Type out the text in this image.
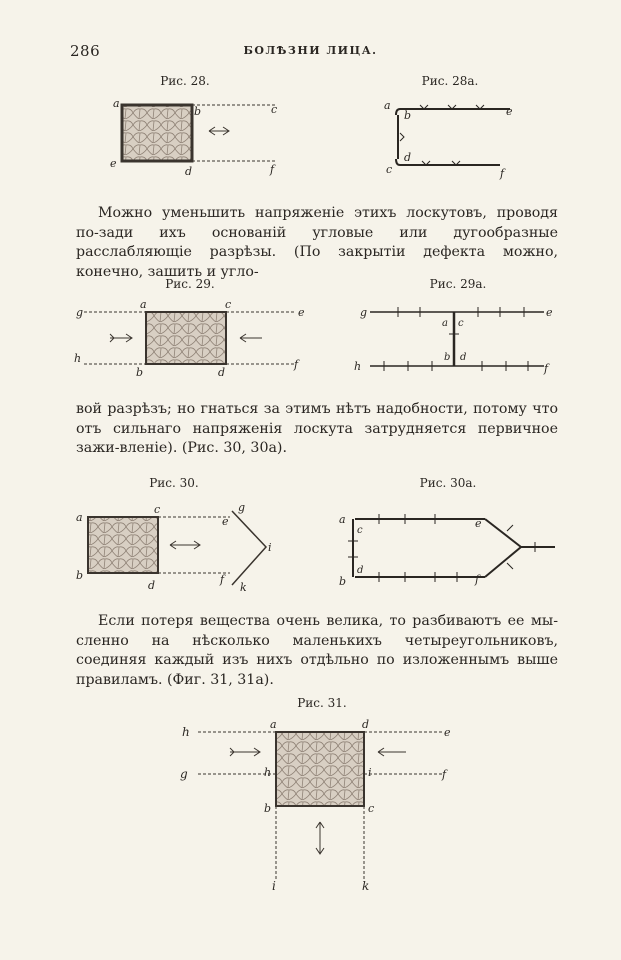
286	БОЛѢЗНИ ЛИЦА.
Рис. 28.
a
b	c
e
d	f
Рис. 28а.
a
b	e
c
d
f
Можно уменьшить напряженіе этихъ лоскутовъ, проводя по-зади ихъ основаній угловые или дугообразные расслабляющіе разрѣзы. (По закрытіи дефекта можно, конечно, зашить и угло-
Рис. 29.
g
a	c
e
h
b	d
f
Рис. 29а.
g
a c
e
h
b d
f
вой разрѣзъ; но гнаться за этимъ нѣтъ надобности, потому что отъ сильнаго напряженія лоскута затрудняется первичное зажи-вленіе). (Рис. 30, 30а).
Рис. 30.
a
c
e
g
i
b
d	f
k
Рис. 30а.
a
c
e
b
d
f
Если потеря вещества очень велика, то разбиваютъ ее мы-сленно на нѣсколько маленькихъ четыреугольниковъ, соединяя каждый изъ нихъ отдѣльно по изложеннымъ выше правиламъ. (Фиг. 31, 31а).
Рис. 31.
h
a	d
e
g	h	i	f
b	c
i	k
